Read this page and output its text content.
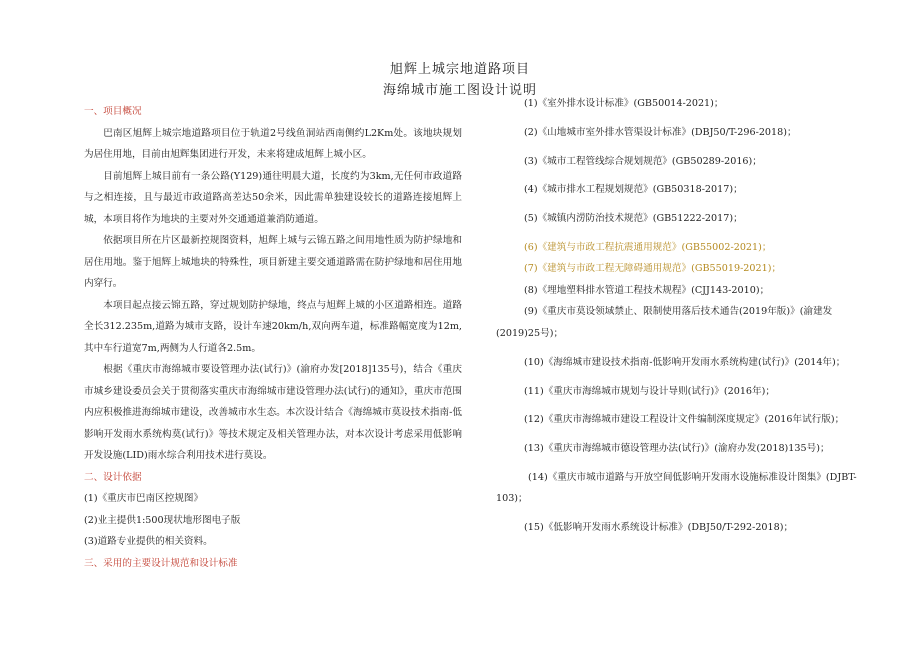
旭辉上城宗地道路项目
海绵城市施工图设计说明

一、项目概况

巴南区旭辉上城宗地道路项目位于轨道2号线鱼洞站西南侧约L2Km处。该地块规划为居住用地，目前由旭辉集团进行开发，未来将建成旭辉上城小区。

目前旭辉上城目前有一条公路(Y129)通往明晨大道，长度约为3km,无任何市政道路与之相连接，且与最近市政道路高差达50余米，因此需单独建设较长的道路连接旭辉上城，本项目将作为地块的主要对外交通通道兼消防通道。

依据项目所在片区最新控规图资料，旭辉上城与云锦五路之间用地性质为防护绿地和居住用地。鉴于旭辉上城地块的特殊性，项目新建主要交通道路需在防护绿地和居住用地内穿行。

本项目起点接云锦五路，穿过规划防护绿地，终点与旭辉上城的小区道路相连。道路全长312.235m,道路为城市支路，设计车速20km/h,双向两车道，标准路幅宽度为12m,其中车行道宽7m,两侧为人行道各2.5m。

根据《重庆市海绵城市要设管理办法(试行)》(渝府办发[2018]135号)，结合《重庆市城乡建设委员会关于贯彻落实重庆市海绵城市建设管理办法(试行)的通知》，重庆市范围内应积极推进海绵城市建设，改善城市水生态。本次设计结合《海绵城市莫设技术指南-低影响开发雨水系统构莫(试行)》等技术规定及相关管理办法，对本次设计考虑采用低影响开发设施(LID)雨水综合利用技术进行莫设。

二、设计依据

(1)《重庆市巴南区控规图》

(2)业主提供1:500现状地形图电子版

(3)道路专业提供的相关资料。

三、采用的主要设计规范和设计标准

(1)《室外排水设计标准》(GB50014-2021)；

(2)《山地城市室外排水管渠设计标准》(DBJ50/T-296-2018)；

(3)《城市工程管线综合规划规范》(GB50289-2016)；

(4)《城市排水工程规划规范》(GB50318-2017)；

(5)《城镇内涝防治技术规范》(GB51222-2017)；

(6)《建筑与市政工程抗震通用规范》(GB55002-2021)；

(7)《建筑与市政工程无障碍通用规范》(GB55019-2021)；

(8)《埋地塑料排水管道工程技术规程》(CJJ143-2010)；

(9)《重庆市莫设领域禁止、限制使用落后技术通告(2019年版)》(渝建发(2019)25号)；

(10)《海绵城市建设技术指南-低影响开发雨水系统构建(试行)》(2014年)；

(11)《重庆市海绵城市规划与设计导则(试行)》(2016年)；

(12)《重庆市海绵城市建设工程设计文件编制深度规定》(2016年试行版)；

(13)《重庆市海绵城市德设管理办法(试行)》(渝府办发(2018)135号)；

(14)《重庆市城市道路与开放空间低影响开发雨水设施标准设计图集》(DJBT-103)；

(15)《低影响开发雨水系统设计标准》(DBJ50/T-292-2018)；
